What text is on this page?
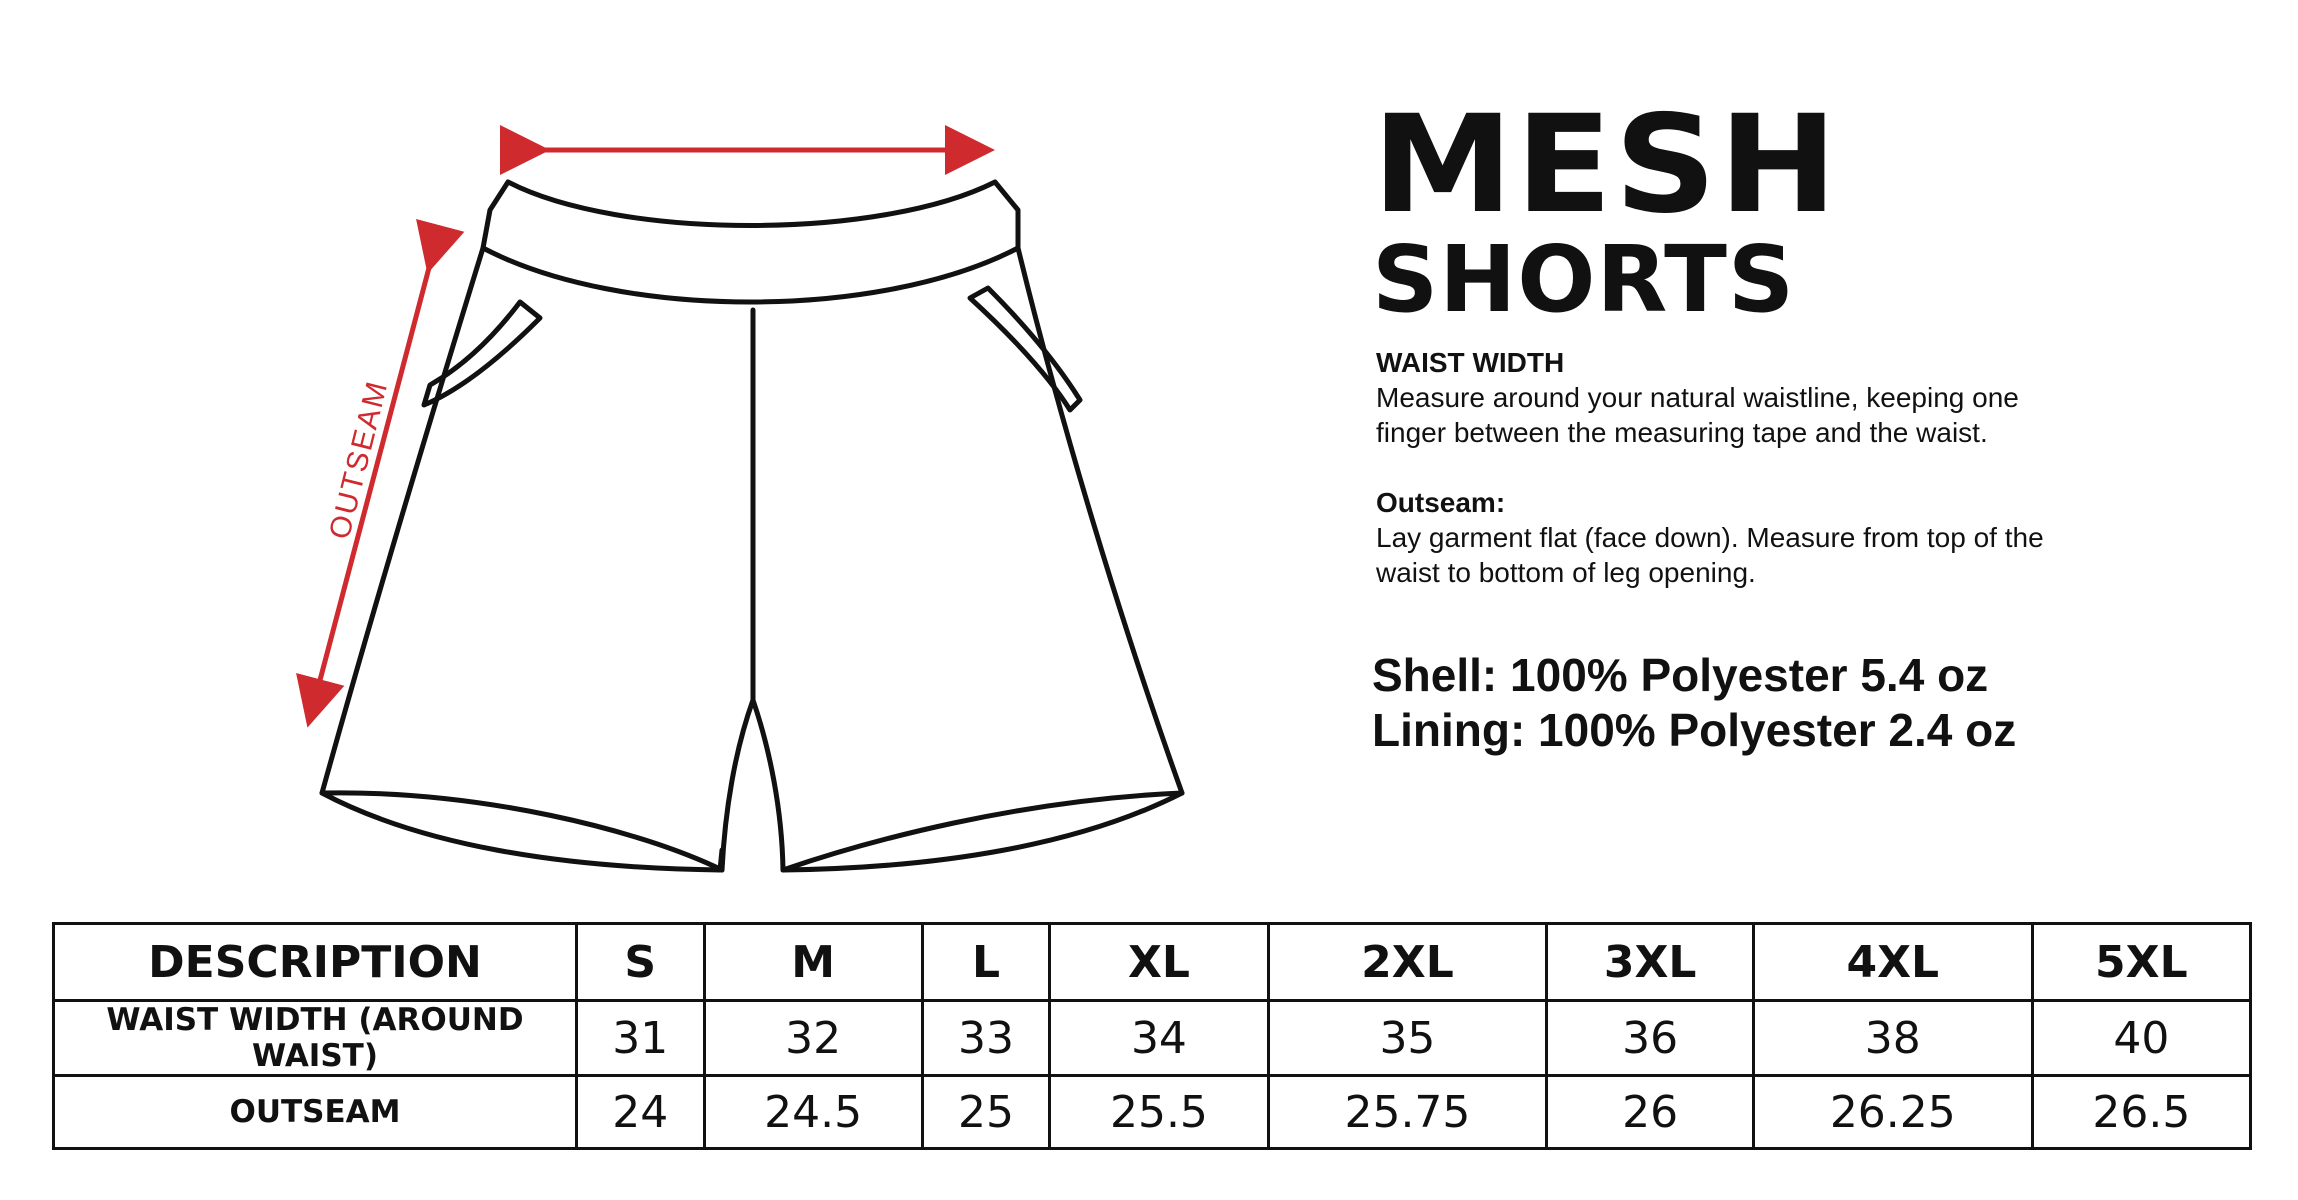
OUTSEAM
MESH
SHORTS
WAIST WIDTH
Measure around your natural waistline, keeping one
finger between the measuring tape and the waist.
Outseam:
Lay garment flat (face down). Measure from top of the
waist to bottom of leg opening.
Shell: 100% Polyester 5.4 oz
Lining: 100% Polyester 2.4 oz
DESCRIPTION	S	M	L	XL	2XL	3XL	4XL	5XL
WAIST WIDTH (AROUND WAIST)	31	32	33	34	35	36	38	40
OUTSEAM	24	24.5	25	25.5	25.75	26	26.25	26.5
